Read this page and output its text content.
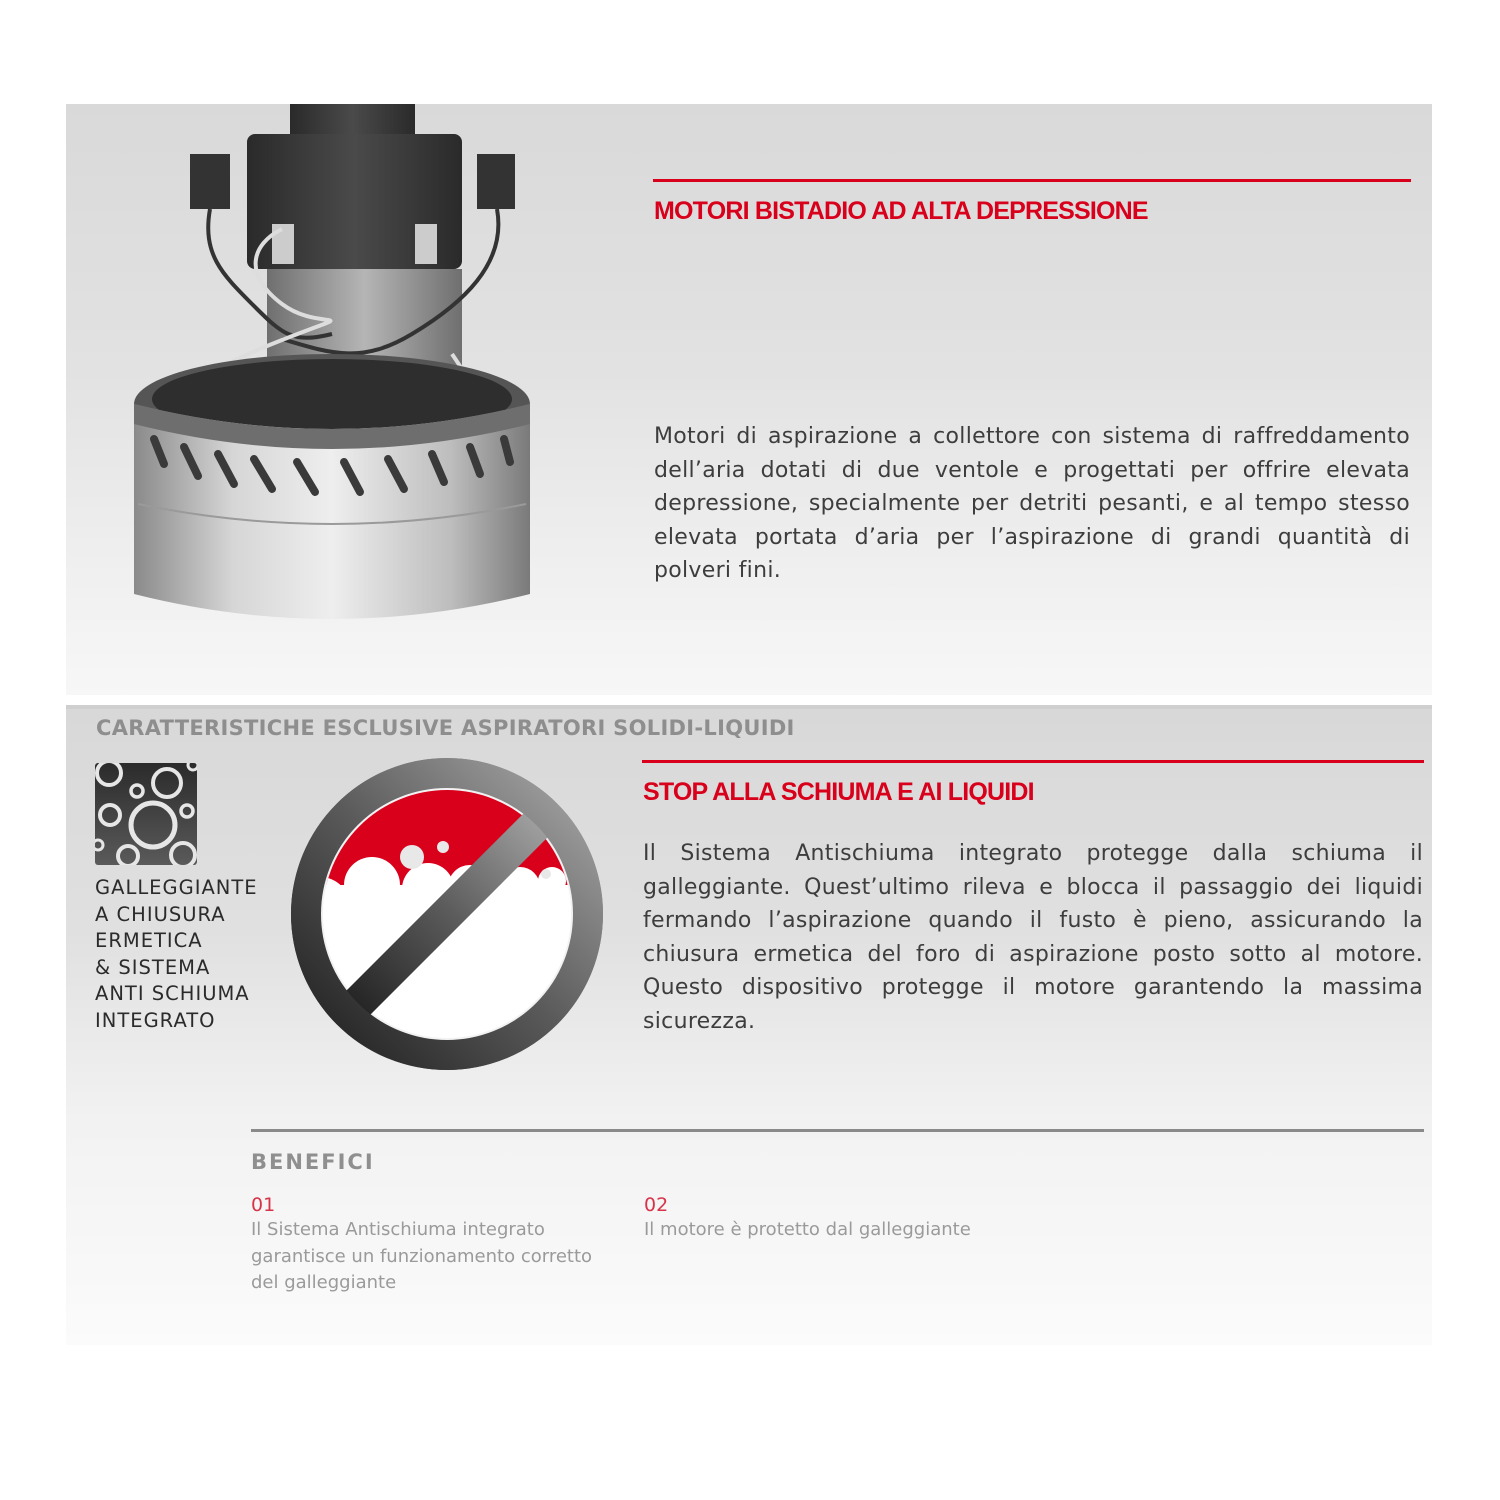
MOTORI BISTADIO AD ALTA DEPRESSIONE

Motori di aspirazione a collettore con sistema di raffreddamento dell’aria dotati di due ventole e progettati per offrire elevata depressione, specialmente per detriti pesanti, e al tempo stesso elevata portata d’aria per l’aspirazione di grandi quantità di polveri fini.

CARATTERISTICHE ESCLUSIVE ASPIRATORI SOLIDI-LIQUIDI
GALLEGGIANTE
A CHIUSURA
ERMETICA
& SISTEMA
ANTI SCHIUMA
INTEGRATO
STOP ALLA SCHIUMA E AI LIQUIDI

Il Sistema Antischiuma integrato protegge dalla schiuma il galleggiante. Quest’ultimo rileva e blocca il passaggio dei liquidi fermando l’aspirazione quando il fusto è pieno, assicurando la chiusura ermetica del foro di aspirazione posto sotto al motore. Questo dispositivo protegge il motore garantendo la massima sicurezza.

BENEFICI
01
Il Sistema Antischiuma integrato garantisce un funzionamento corretto del galleggiante
02
Il motore è protetto dal galleggiante
